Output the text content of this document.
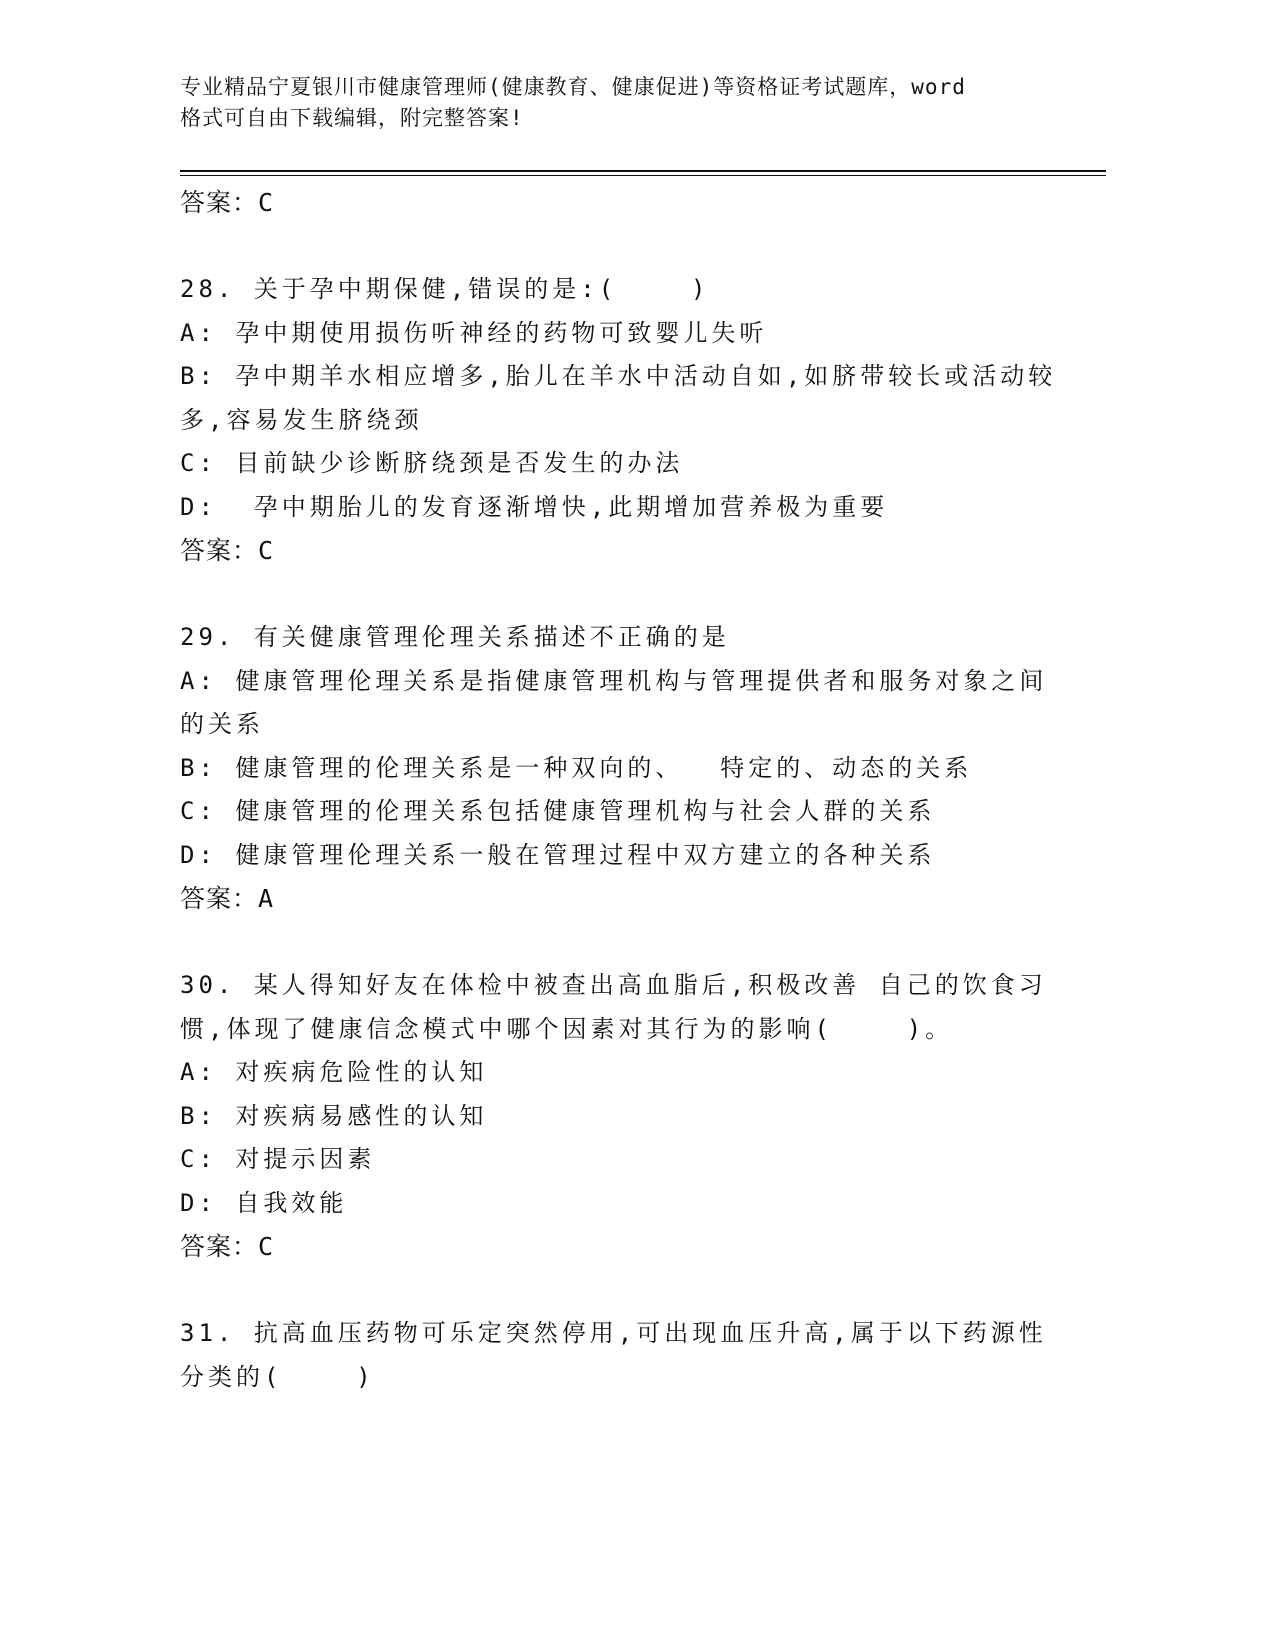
专业精品宁夏银川市健康管理师(健康教育、健康促进)等资格证考试题库，word
格式可自由下载编辑，附完整答案!
答案：C
28. 关于孕中期保健,错误的是:(    )
A: 孕中期使用损伤听神经的药物可致婴儿失听
B: 孕中期羊水相应增多,胎儿在羊水中活动自如,如脐带较长或活动较
多,容易发生脐绕颈
C: 目前缺少诊断脐绕颈是否发生的办法
D:  孕中期胎儿的发育逐渐增快,此期增加营养极为重要
答案：C
29. 有关健康管理伦理关系描述不正确的是
A: 健康管理伦理关系是指健康管理机构与管理提供者和服务对象之间
的关系
B: 健康管理的伦理关系是一种双向的、  特定的、动态的关系
C: 健康管理的伦理关系包括健康管理机构与社会人群的关系
D: 健康管理伦理关系一般在管理过程中双方建立的各种关系
答案：A
30. 某人得知好友在体检中被查出高血脂后,积极改善 自己的饮食习
惯,体现了健康信念模式中哪个因素对其行为的影响(    )。
A: 对疾病危险性的认知
B: 对疾病易感性的认知
C: 对提示因素
D: 自我效能
答案：C
31. 抗高血压药物可乐定突然停用,可出现血压升高,属于以下药源性
分类的(    )
